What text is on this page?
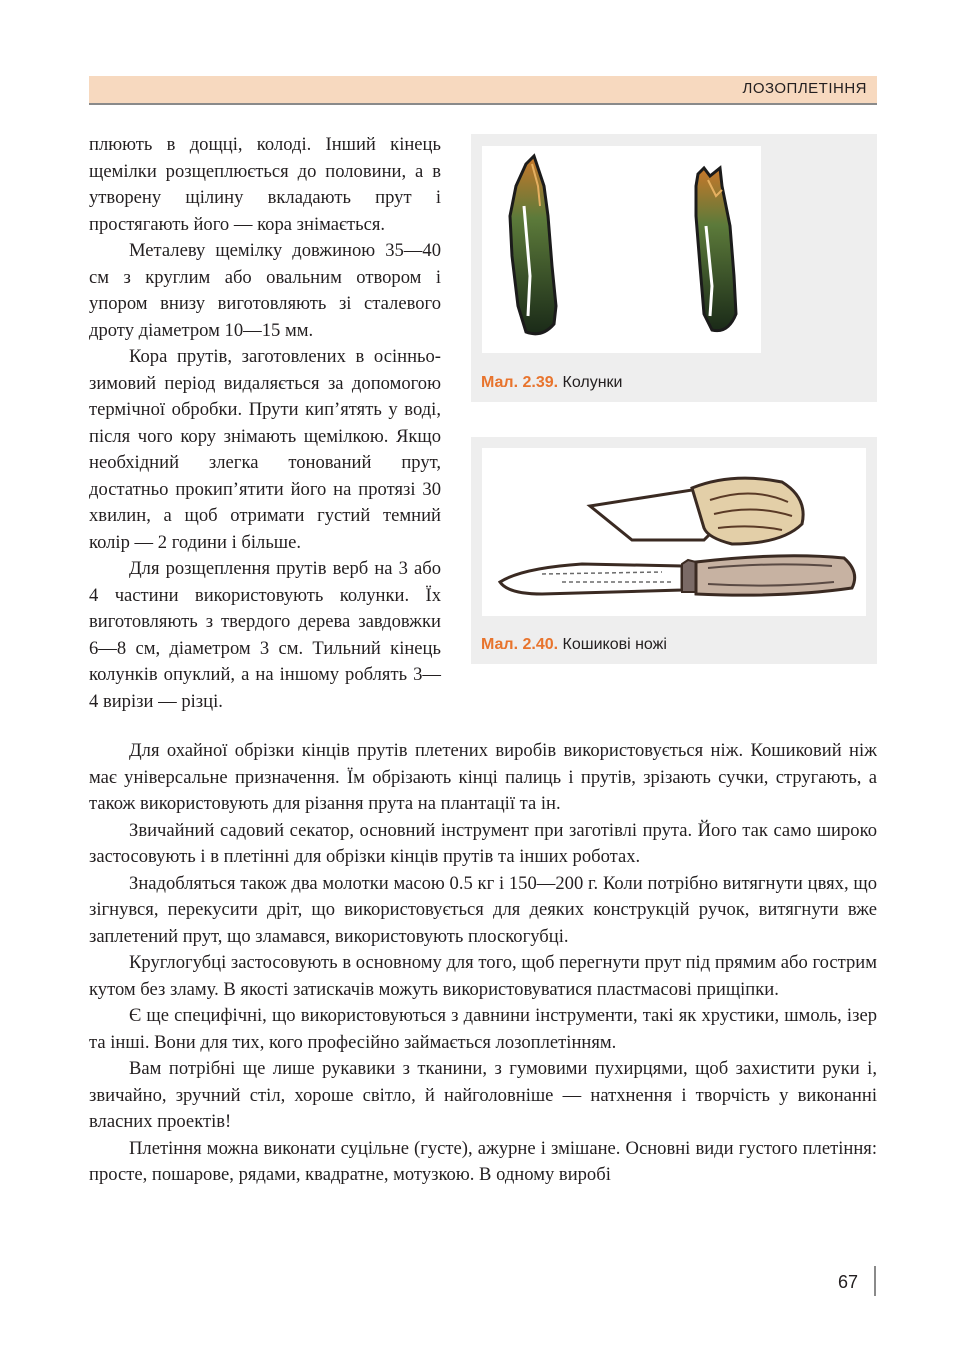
ЛОЗОПЛЕТІННЯ

плюють в дощці, колоді. Інший кінець щемілки розщеплюється до половини, а в утворену щілину вкладають прут і простягають його — кора знімається.

Металеву щемілку довжиною 35—40 см з круглим або овальним отвором і упором внизу виготовляють зі сталевого дроту діаметром 10—15 мм.

Кора прутів, заготовлених в осінньо-зимовий період видаляється за допомогою термічної обробки. Прути кип’ятять у воді, після чого кору знімають щемілкою. Якщо необхідний злегка тонований прут, достатньо прокип’ятити його на протязі 30 хвилин, а щоб отримати густий темний колір — 2 години і більше.

Для розщеплення прутів верб на 3 або 4 частини використовують колунки. Їх виготовляють з твердого дерева завдовжки 6—8 см, діаметром 3 см. Тильний кінець колунків опуклий, а на іншому роблять 3—4 вирізи — різці.

Мал. 2.39. Колунки
Мал. 2.40. Кошикові ножі

Для охайної обрізки кінців прутів плетених виробів використовується ніж. Кошиковий ніж має універсальне призначення. Їм обрізають кінці палиць і прутів, зрізають сучки, стругають, а також використовують для різання прута на плантації та ін.

Звичайний садовий секатор, основний інструмент при заготівлі прута. Його так само широко застосовують і в плетінні для обрізки кінців прутів та інших роботах.

Знадобляться також два молотки масою 0.5 кг і 150—200 г. Коли потрібно витягнути цвях, що зігнувся, перекусити дріт, що використовується для деяких конструкцій ручок, витягнути вже заплетений прут, що зламався, використовують плоскогубці.

Круглогубці застосовують в основному для того, щоб перегнути прут під прямим або гострим кутом без зламу. В якості затискачів можуть використовуватися пластмасові прищіпки.

Є ще специфічні, що використовуються з давнини інструменти, такі як хрустики, шмоль, ізер та інші. Вони для тих, кого професійно займається лозоплетінням.

Вам потрібні ще лише рукавики з тканини, з гумовими пухирцями, щоб захистити руки і, звичайно, зручний стіл, хороше світло, й найголовніше — натхнення і творчість у виконанні власних проектів!

Плетіння можна виконати суцільне (густе), ажурне і змішане. Основні види густого плетіння: просте, пошарове, рядами, квадратне, мотузкою. В одному виробі

67
